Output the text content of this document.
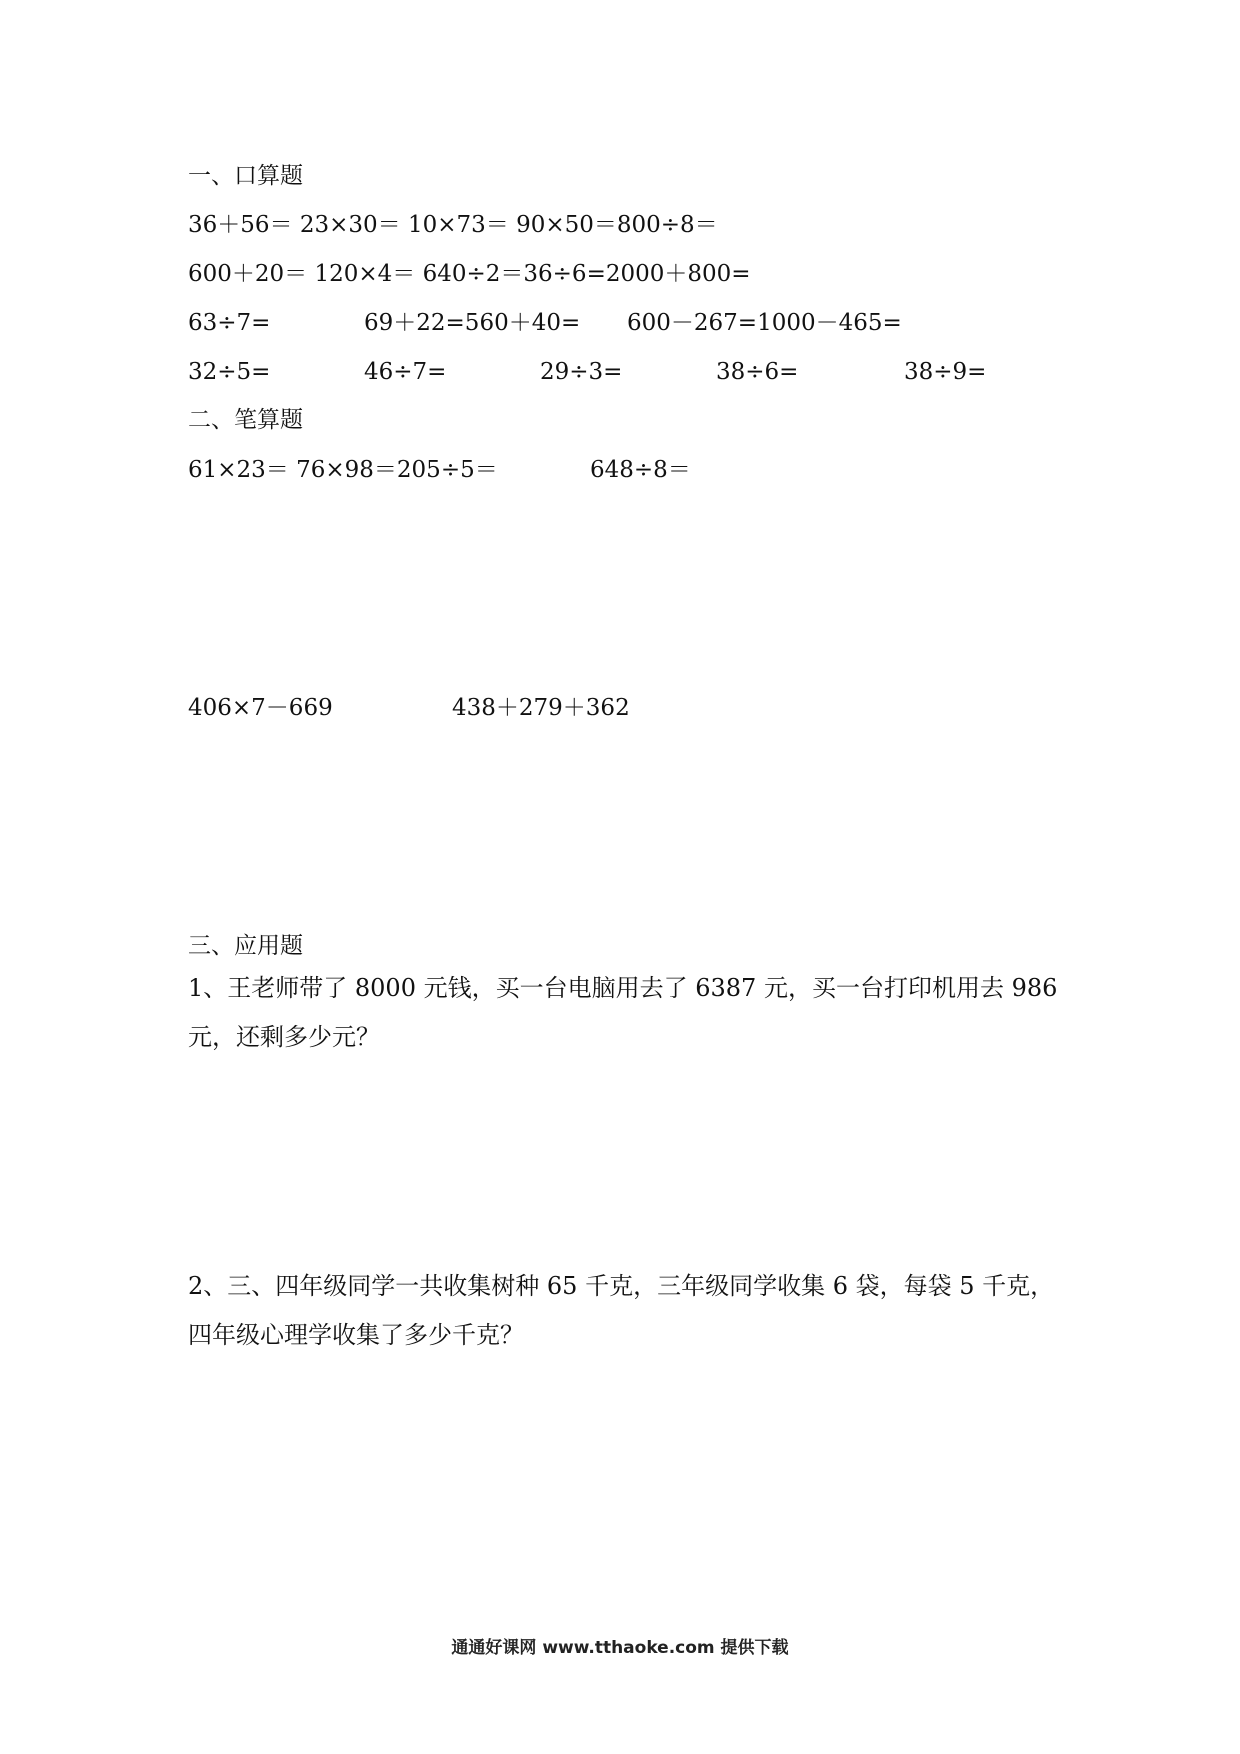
一、口算题
36＋56＝ 23×30＝ 10×73＝ 90×50＝800÷8＝
600＋20＝ 120×4＝ 640÷2＝36÷6=2000＋800=
63÷7=	69＋22=560＋40= 600－267=1000－465=
32÷5=	46÷7=	29÷3=	38÷6=	38÷9=
二、笔算题
61×23＝ 76×98＝205÷5＝	648÷8＝
406×7－669	438＋279＋362
三、应用题
1、王老师带了 8000 元钱，买一台电脑用去了 6387 元，买一台打印机用去 986 元，还剩多少元？
2、三、四年级同学一共收集树种 65 千克，三年级同学收集 6 袋，每袋 5 千克，四年级心理学收集了多少千克？
通通好课网 www.tthaoke.com 提供下载
